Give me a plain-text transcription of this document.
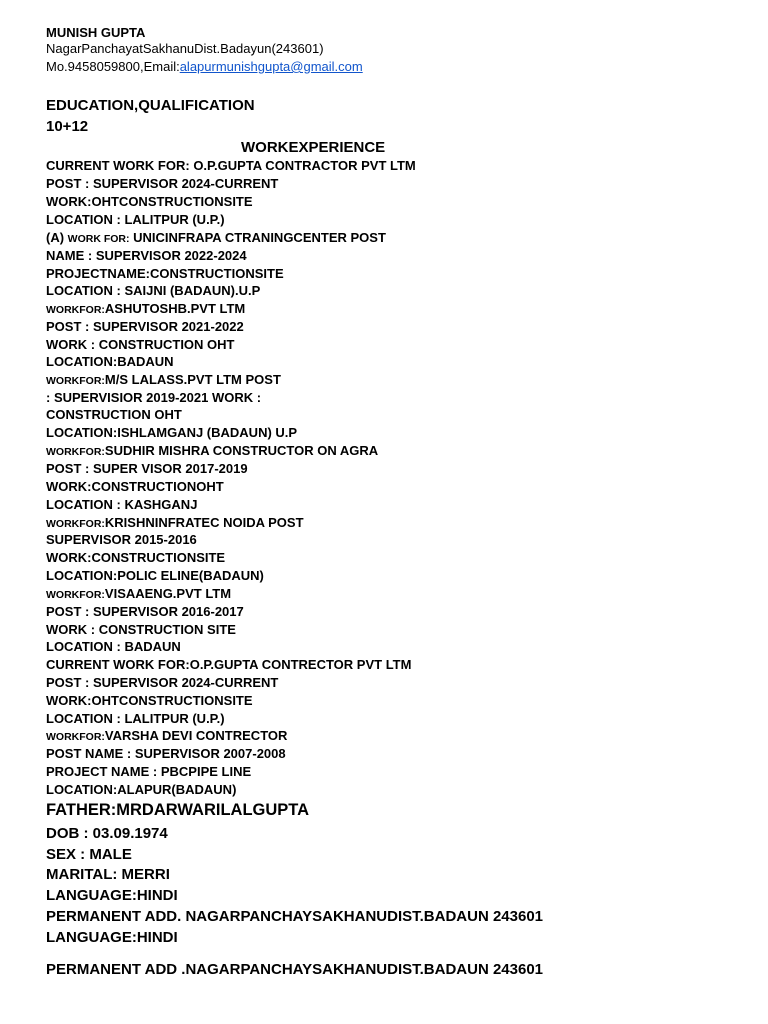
MUNISH GUPTA
NagarPanchayatSakhanuDist.Badayun(243601)
Mo.9458059800,Email:alapurmunishgupta@gmail.com
EDUCATION,QUALIFICATION
10+12
WORKEXPERIENCE
CURRENT WORK FOR: O.P.GUPTA CONTRACTOR PVT LTM
POST : SUPERVISOR 2024-CURRENT
WORK:OHTCONSTRUCTIONSITE
LOCATION : LALITPUR (U.P.)
(A) WORK FOR: UNICINFRAPA CTRANINGCENTER POST
NAME : SUPERVISOR 2022-2024
PROJECTNAME:CONSTRUCTIONSITE
LOCATION : SAIJNI (BADAUN).U.P
WORKFOR:ASHUTOSHB.PVT LTM
POST : SUPERVISOR 2021-2022
WORK : CONSTRUCTION OHT
LOCATION:BADAUN
WORKFOR:M/S LALASS.PVT LTM POST
: SUPERVISIOR 2019-2021 WORK :
CONSTRUCTION OHT
LOCATION:ISHLAMGANJ (BADAUN) U.P
WORKFOR:SUDHIR MISHRA CONSTRUCTOR ON AGRA
POST : SUPER VISOR 2017-2019
WORK:CONSTRUCTIONOHT
LOCATION : KASHGANJ
WORKFOR:KRISHNINFRATEC NOIDA POST
SUPERVISOR 2015-2016
WORK:CONSTRUCTIONSITE
LOCATION:POLIC ELINE(BADAUN)
WORKFOR:VISAAENG.PVT LTM
POST : SUPERVISOR 2016-2017
WORK : CONSTRUCTION SITE
LOCATION : BADAUN
CURRENT WORK FOR:O.P.GUPTA CONTRECTOR PVT LTM
POST : SUPERVISOR 2024-CURRENT
WORK:OHTCONSTRUCTIONSITE
LOCATION : LALITPUR (U.P.)
WORKFOR:VARSHA DEVI CONTRECTOR
POST NAME : SUPERVISOR 2007-2008
PROJECT NAME : PBCPIPE LINE
LOCATION:ALAPUR(BADAUN)
FATHER:MRDARWARILALGUPTA
DOB : 03.09.1974
SEX : MALE
MARITAL: MERRI
LANGUAGE:HINDI
PERMANENT ADD. NAGARPANCHAYSAKHANUDIST.BADAUN 243601
LANGUAGE:HINDI
PERMANENT ADD .NAGARPANCHAYSAKHANUDIST.BADAUN 243601
